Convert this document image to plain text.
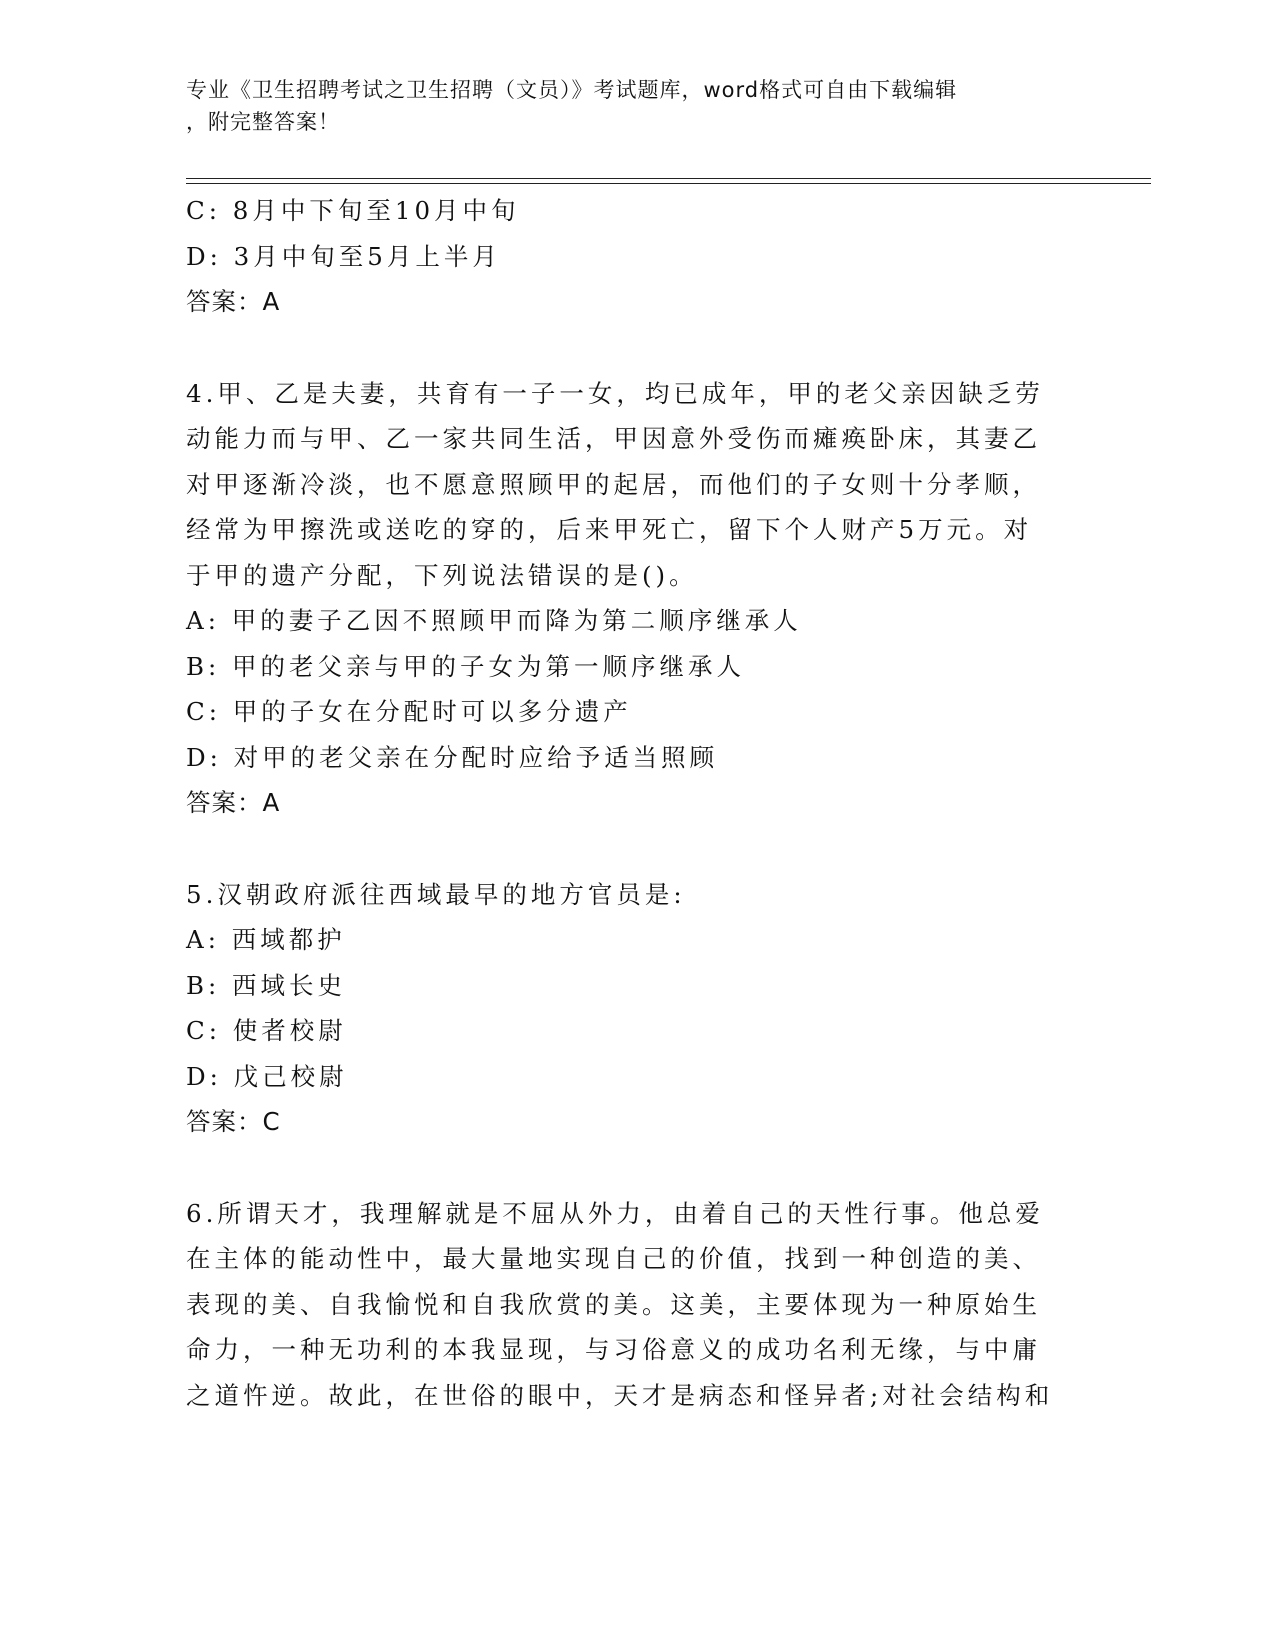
专业《卫生招聘考试之卫生招聘（文员）》考试题库，word格式可自由下载编辑
，附完整答案！
C: 8月中下旬至10月中旬
D: 3月中旬至5月上半月
答案：A
4.甲、乙是夫妻，共育有一子一女，均已成年，甲的老父亲因缺乏劳
动能力而与甲、乙一家共同生活，甲因意外受伤而瘫痪卧床，其妻乙
对甲逐渐冷淡，也不愿意照顾甲的起居，而他们的子女则十分孝顺，
经常为甲擦洗或送吃的穿的，后来甲死亡，留下个人财产5万元。对
于甲的遗产分配，下列说法错误的是()。
A: 甲的妻子乙因不照顾甲而降为第二顺序继承人
B: 甲的老父亲与甲的子女为第一顺序继承人
C: 甲的子女在分配时可以多分遗产
D: 对甲的老父亲在分配时应给予适当照顾
答案：A
5.汉朝政府派往西域最早的地方官员是:
A: 西域都护
B: 西域长史
C: 使者校尉
D: 戊己校尉
答案：C
6.所谓天才，我理解就是不屈从外力，由着自己的天性行事。他总爱
在主体的能动性中，最大量地实现自己的价值，找到一种创造的美、
表现的美、自我愉悦和自我欣赏的美。这美，主要体现为一种原始生
命力，一种无功利的本我显现，与习俗意义的成功名利无缘，与中庸
之道忤逆。故此，在世俗的眼中，天才是病态和怪异者;对社会结构和
